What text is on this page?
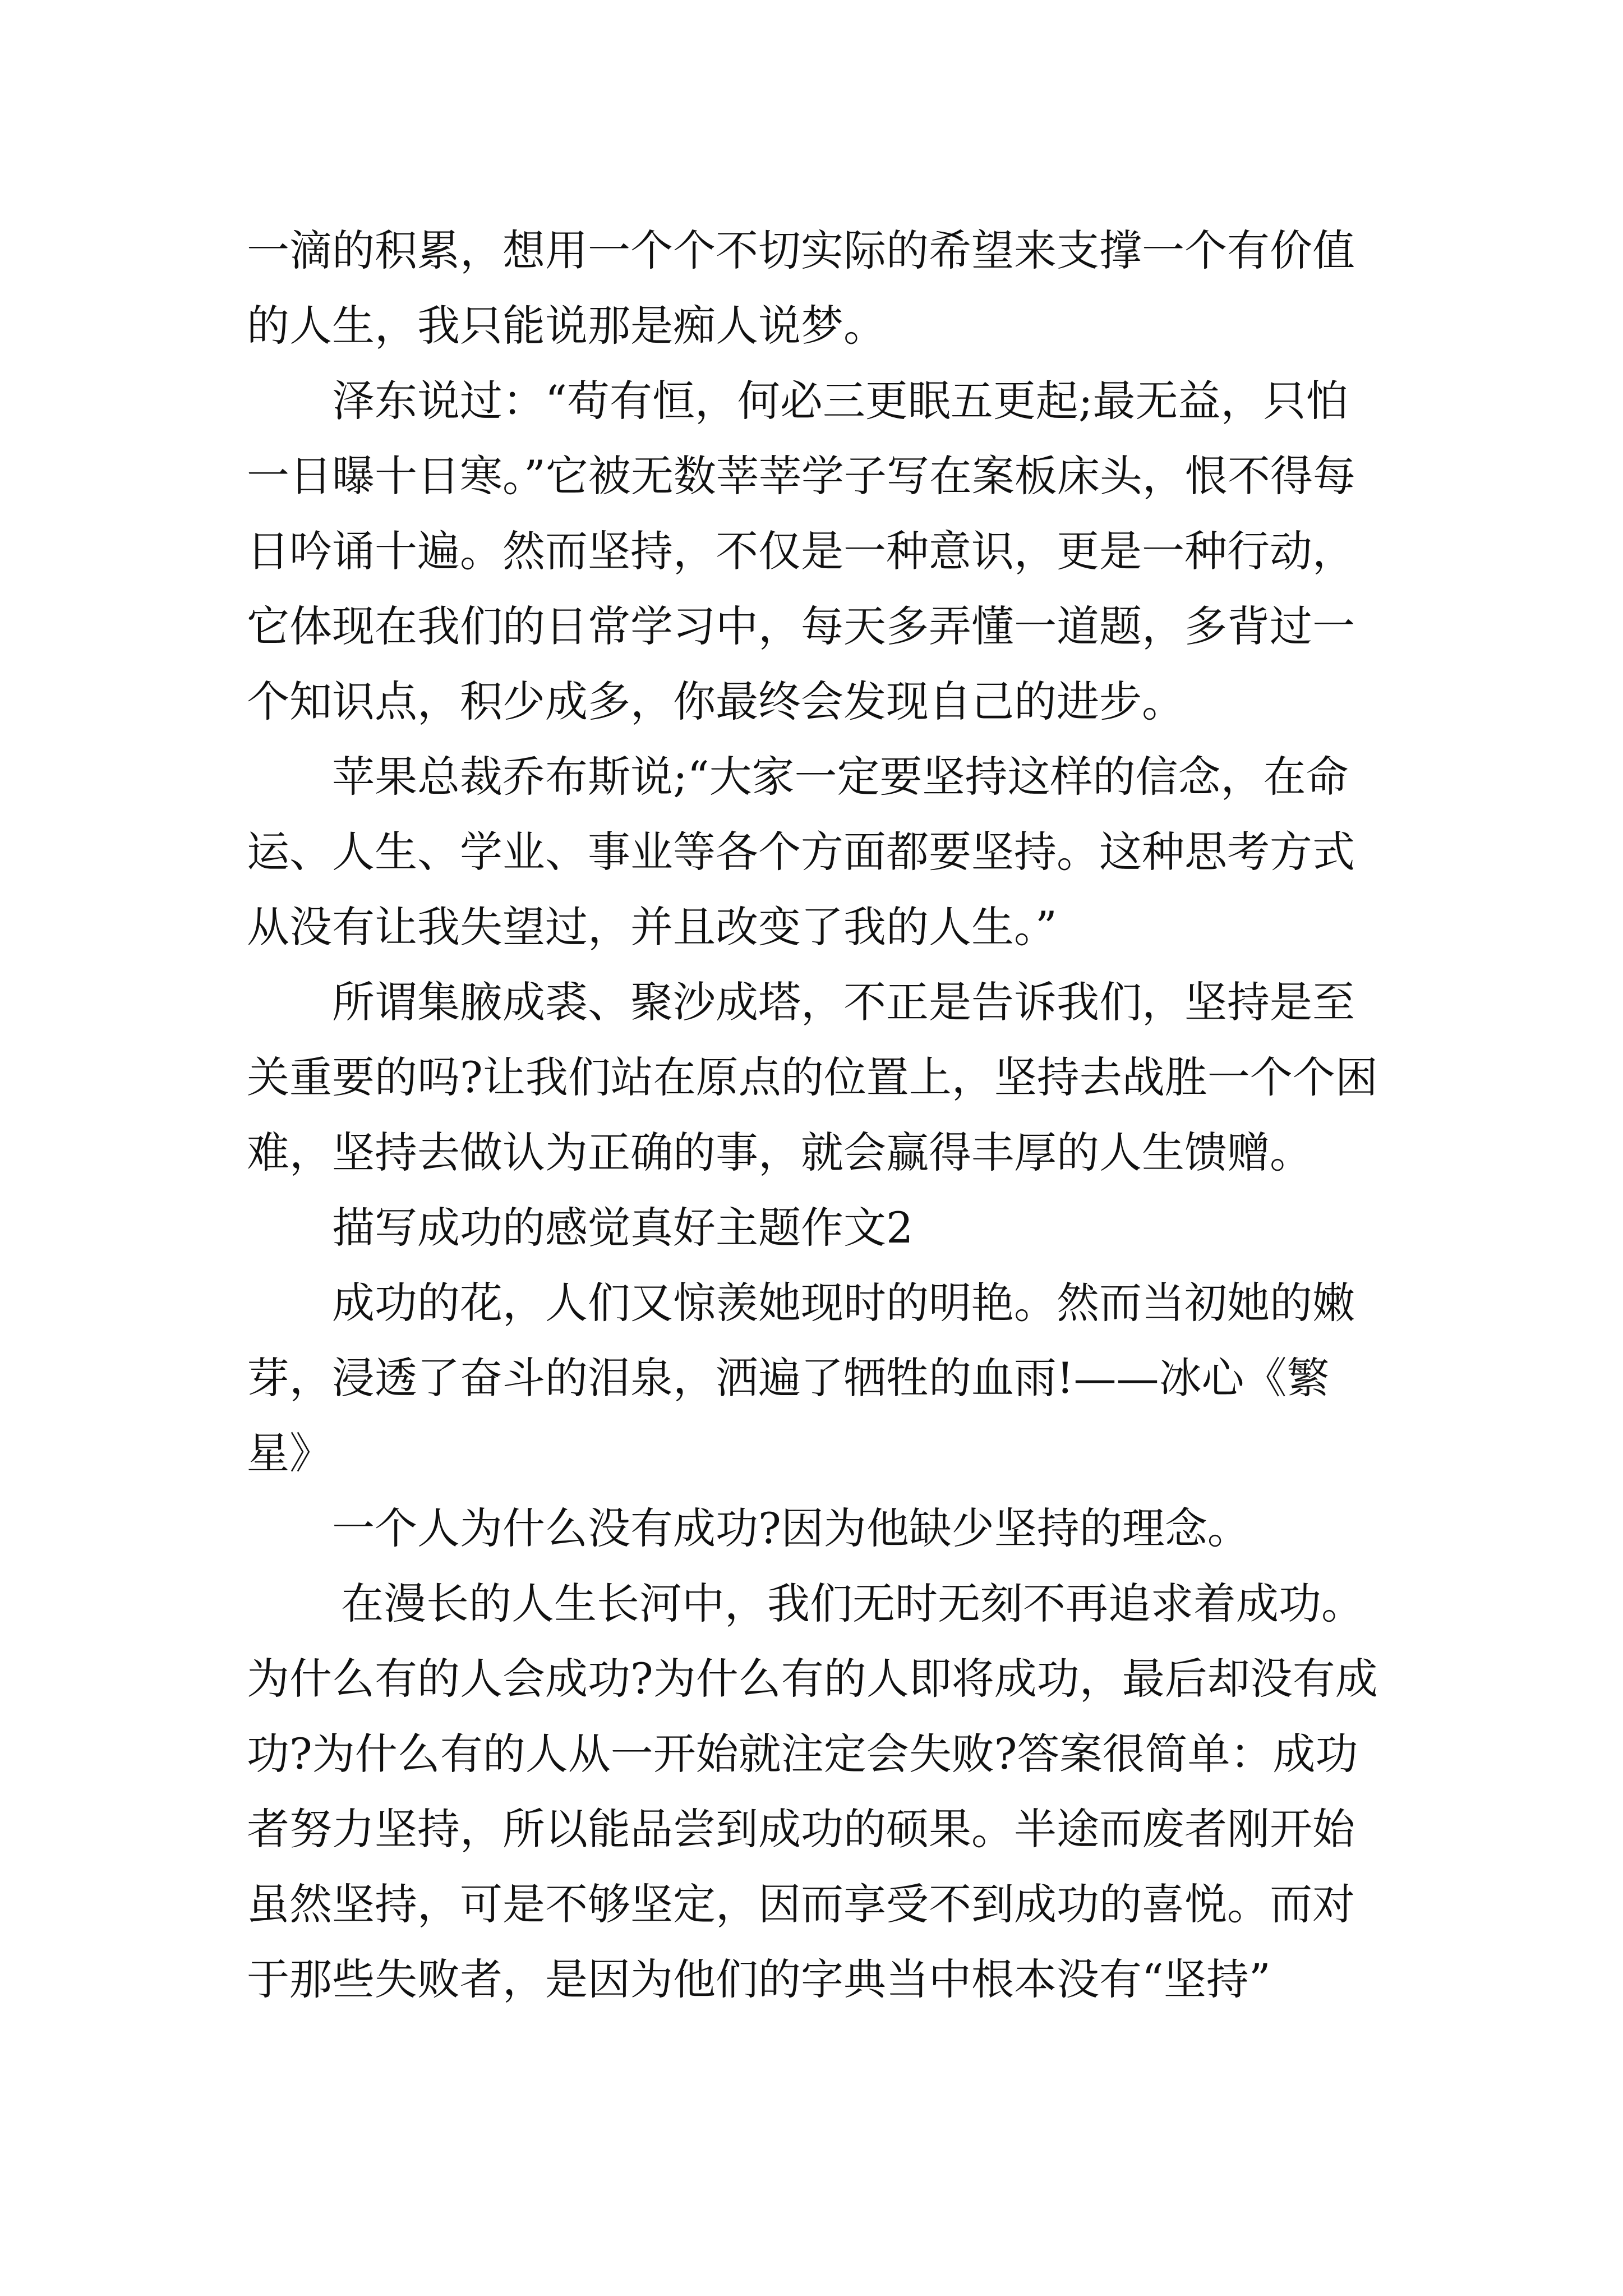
一滴的积累，想用一个个不切实际的希望来支撑一个有价值的人生，我只能说那是痴人说梦。

泽东说过：“苟有恒，何必三更眠五更起;最无益，只怕一日曝十日寒。”它被无数莘莘学子写在案板床头，恨不得每日吟诵十遍。然而坚持，不仅是一种意识，更是一种行动，它体现在我们的日常学习中，每天多弄懂一道题，多背过一个知识点，积少成多，你最终会发现自己的进步。

苹果总裁乔布斯说;“大家一定要坚持这样的信念，在命运、人生、学业、事业等各个方面都要坚持。这种思考方式从没有让我失望过，并且改变了我的人生。”

所谓集腋成裘、聚沙成塔，不正是告诉我们，坚持是至关重要的吗?让我们站在原点的位置上，坚持去战胜一个个困难，坚持去做认为正确的事，就会赢得丰厚的人生馈赠。

描写成功的感觉真好主题作文2

成功的花，人们又惊羡她现时的明艳。然而当初她的嫩芽，浸透了奋斗的泪泉，洒遍了牺牲的血雨!——冰心《繁星》

一个人为什么没有成功?因为他缺少坚持的理念。

在漫长的人生长河中，我们无时无刻不再追求着成功。为什么有的人会成功?为什么有的人即将成功，最后却没有成功?为什么有的人从一开始就注定会失败?答案很简单：成功者努力坚持，所以能品尝到成功的硕果。半途而废者刚开始虽然坚持，可是不够坚定，因而享受不到成功的喜悦。而对于那些失败者，是因为他们的字典当中根本没有“坚持”
